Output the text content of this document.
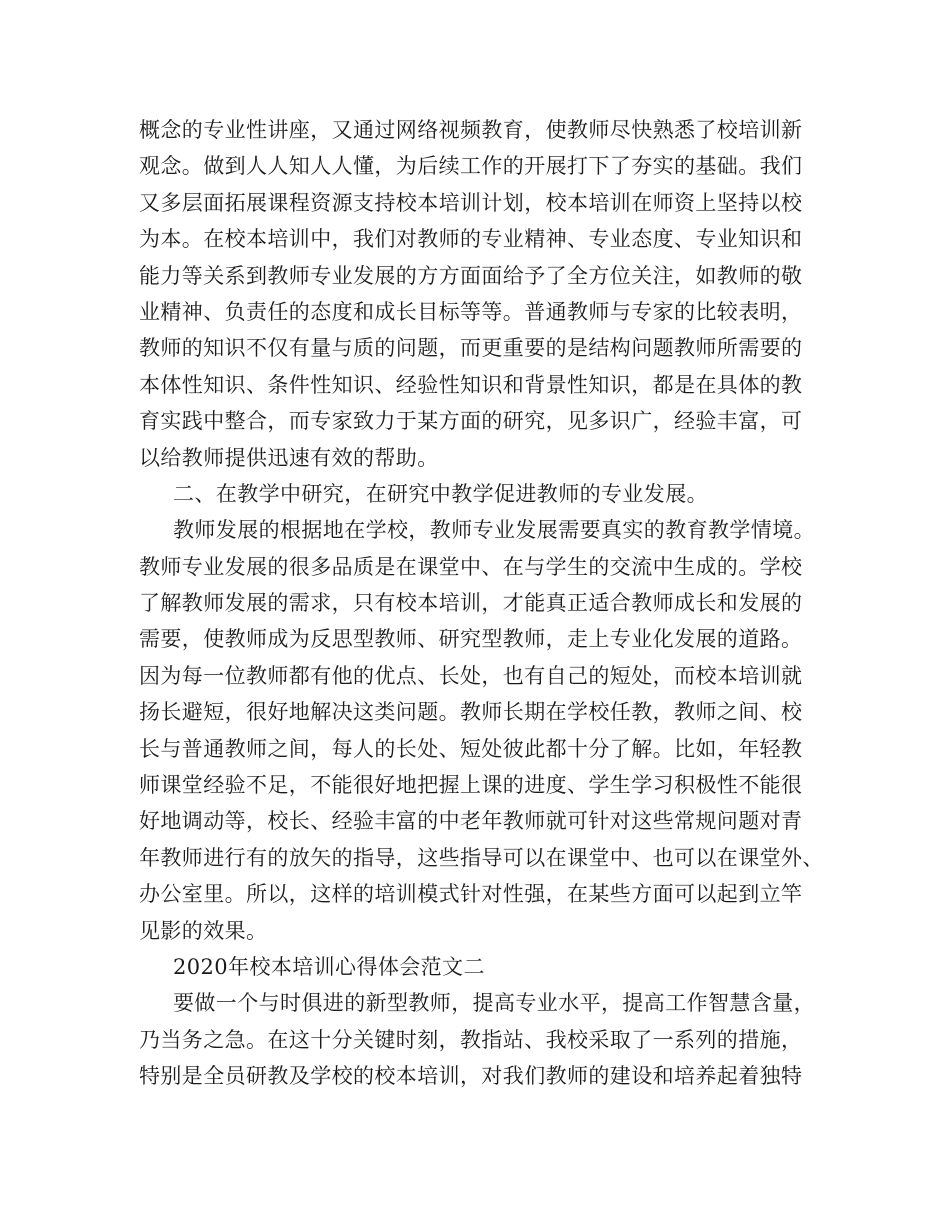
概念的专业性讲座，又通过网络视频教育，使教师尽快熟悉了校培训新
观念。做到人人知人人懂，为后续工作的开展打下了夯实的基础。我们
又多层面拓展课程资源支持校本培训计划，校本培训在师资上坚持以校
为本。在校本培训中，我们对教师的专业精神、专业态度、专业知识和
能力等关系到教师专业发展的方方面面给予了全方位关注，如教师的敬
业精神、负责任的态度和成长目标等等。普通教师与专家的比较表明，
教师的知识不仅有量与质的问题，而更重要的是结构问题教师所需要的
本体性知识、条件性知识、经验性知识和背景性知识，都是在具体的教
育实践中整合，而专家致力于某方面的研究，见多识广，经验丰富，可
以给教师提供迅速有效的帮助。
二、在教学中研究，在研究中教学促进教师的专业发展。
教师发展的根据地在学校，教师专业发展需要真实的教育教学情境。
教师专业发展的很多品质是在课堂中、在与学生的交流中生成的。学校
了解教师发展的需求，只有校本培训，才能真正适合教师成长和发展的
需要，使教师成为反思型教师、研究型教师，走上专业化发展的道路。
因为每一位教师都有他的优点、长处，也有自己的短处，而校本培训就
扬长避短，很好地解决这类问题。教师长期在学校任教，教师之间、校
长与普通教师之间，每人的长处、短处彼此都十分了解。比如，年轻教
师课堂经验不足，不能很好地把握上课的进度、学生学习积极性不能很
好地调动等，校长、经验丰富的中老年教师就可针对这些常规问题对青
年教师进行有的放矢的指导，这些指导可以在课堂中、也可以在课堂外、
办公室里。所以，这样的培训模式针对性强，在某些方面可以起到立竿
见影的效果。
2020年校本培训心得体会范文二
要做一个与时俱进的新型教师，提高专业水平，提高工作智慧含量，
乃当务之急。在这十分关键时刻，教指站、我校采取了一系列的措施，
特别是全员研教及学校的校本培训，对我们教师的建设和培养起着独特
